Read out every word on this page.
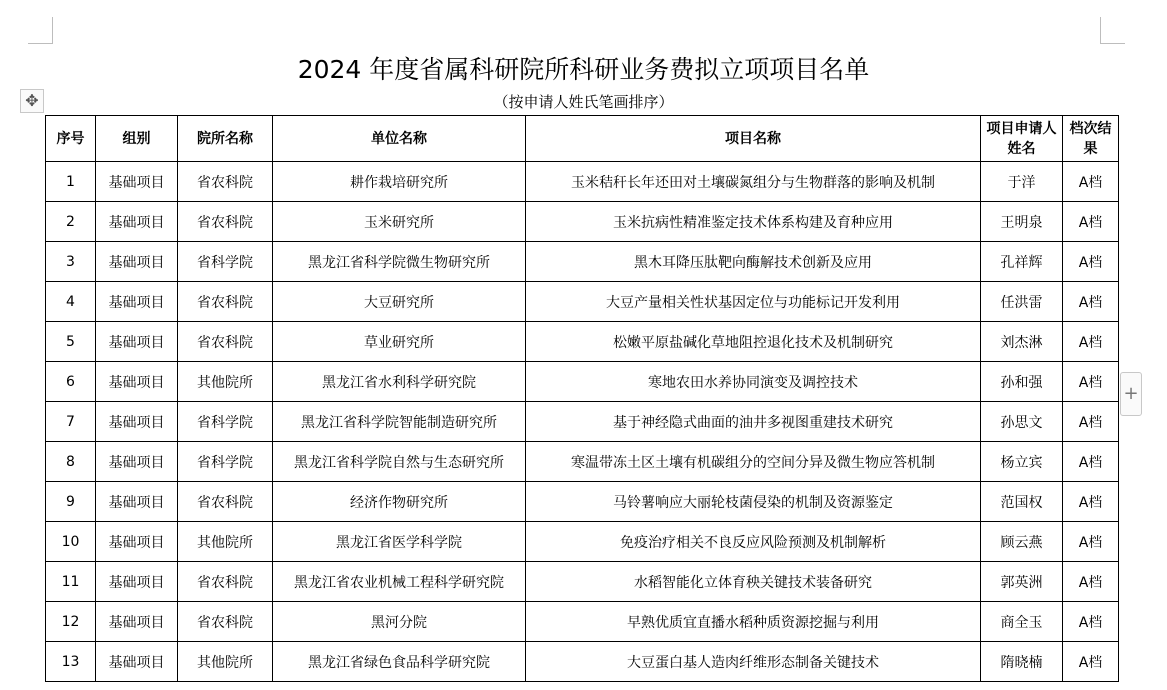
2024 年度省属科研院所科研业务费拟立项项目名单
（按申请人姓氏笔画排序）
✥
+
序号	组别	院所名称	单位名称	项目名称	项目申请人姓名	档次结果
1	基础项目	省农科院	耕作栽培研究所	玉米秸秆长年还田对土壤碳氮组分与生物群落的影响及机制	于洋	A档
2	基础项目	省农科院	玉米研究所	玉米抗病性精准鉴定技术体系构建及育种应用	王明泉	A档
3	基础项目	省科学院	黑龙江省科学院微生物研究所	黑木耳降压肽靶向酶解技术创新及应用	孔祥辉	A档
4	基础项目	省农科院	大豆研究所	大豆产量相关性状基因定位与功能标记开发利用	任洪雷	A档
5	基础项目	省农科院	草业研究所	松嫩平原盐碱化草地阻控退化技术及机制研究	刘杰淋	A档
6	基础项目	其他院所	黑龙江省水利科学研究院	寒地农田水养协同演变及调控技术	孙和强	A档
7	基础项目	省科学院	黑龙江省科学院智能制造研究所	基于神经隐式曲面的油井多视图重建技术研究	孙思文	A档
8	基础项目	省科学院	黑龙江省科学院自然与生态研究所	寒温带冻土区土壤有机碳组分的空间分异及微生物应答机制	杨立宾	A档
9	基础项目	省农科院	经济作物研究所	马铃薯响应大丽轮枝菌侵染的机制及资源鉴定	范国权	A档
10	基础项目	其他院所	黑龙江省医学科学院	免疫治疗相关不良反应风险预测及机制解析	顾云燕	A档
11	基础项目	省农科院	黑龙江省农业机械工程科学研究院	水稻智能化立体育秧关键技术装备研究	郭英洲	A档
12	基础项目	省农科院	黑河分院	早熟优质宜直播水稻种质资源挖掘与利用	商全玉	A档
13	基础项目	其他院所	黑龙江省绿色食品科学研究院	大豆蛋白基人造肉纤维形态制备关键技术	隋晓楠	A档
